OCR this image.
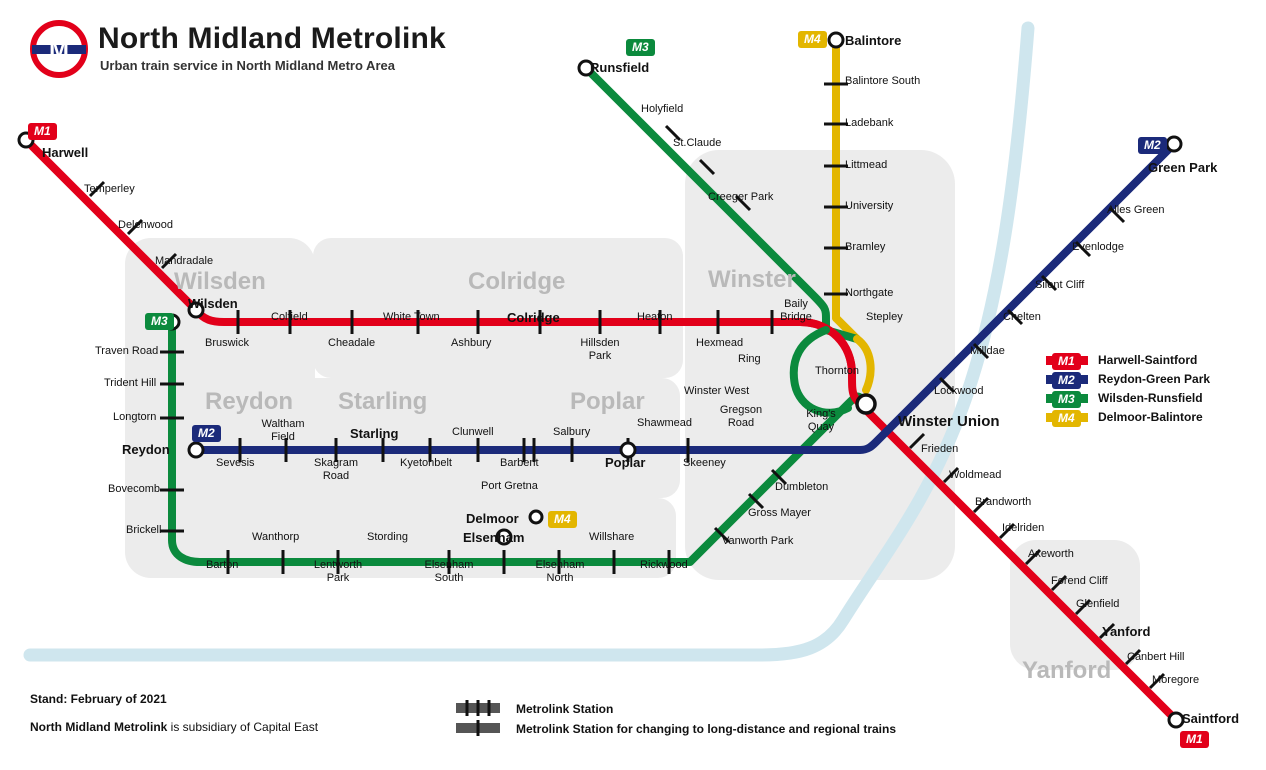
M North Midland Metrolink
Urban train service in North Midland Metro Area
Wilsden	Colridge	Winster
Reydon Starling	Poplar
Yanford
M1
Harwell
M1
Saintford
M2
Green Park
M2
Reydon
M3
Runsfield
M3
Wilsden
M4	Balintore
M4
Delmoor
Temperley
Delenwood
Mandradale
Bruswick
Colfield	White Town
Cheadale	Ashbury
Colridge
Hillsden Park
Heaton
Hexmead
Baily Bridge
Ring
Stepley
Thornton
Winster Union
Frieden
Woldmead
Brandworth
Idelriden
Axeworth
Forend Cliff
Glenfield
Yanford
Canbert Hill
Moregore
Sevesis
Waltham Field
Skagram Road
Starling
Kyetonbelt
Clunwell
Barbent
Salbury
Poplar	Skeeney
King's Quay
Lockwood
Milldae
Chelten
Silent Cliff
Evenlodge
Alles Green
Traven Road
Trident Hill
Longtorn
Bovecomb
Brickell
Barton
Wanthorp
Lentworth Park
Stording
Elsenham South
Elsenham
Elsenham North
Willshare
Rickwood
Vanworth Park
Gross Mayer
Dumbleton
Shawmead
Gregson Road
Winster West
Creeger Park
St.Claude
Holyfield
Balintore South
Ladebank
Littmead
University
Bramley
Northgate
Port Gretna
M1	Harwell-Saintford
M2	Reydon-Green Park
M3	Wilsden-Runsfield
M4	Delmoor-Balintore
Stand: February of 2021
North Midland Metrolink is subsidiary of Capital East
Metrolink Station
Metrolink Station for changing to long-distance and regional trains
